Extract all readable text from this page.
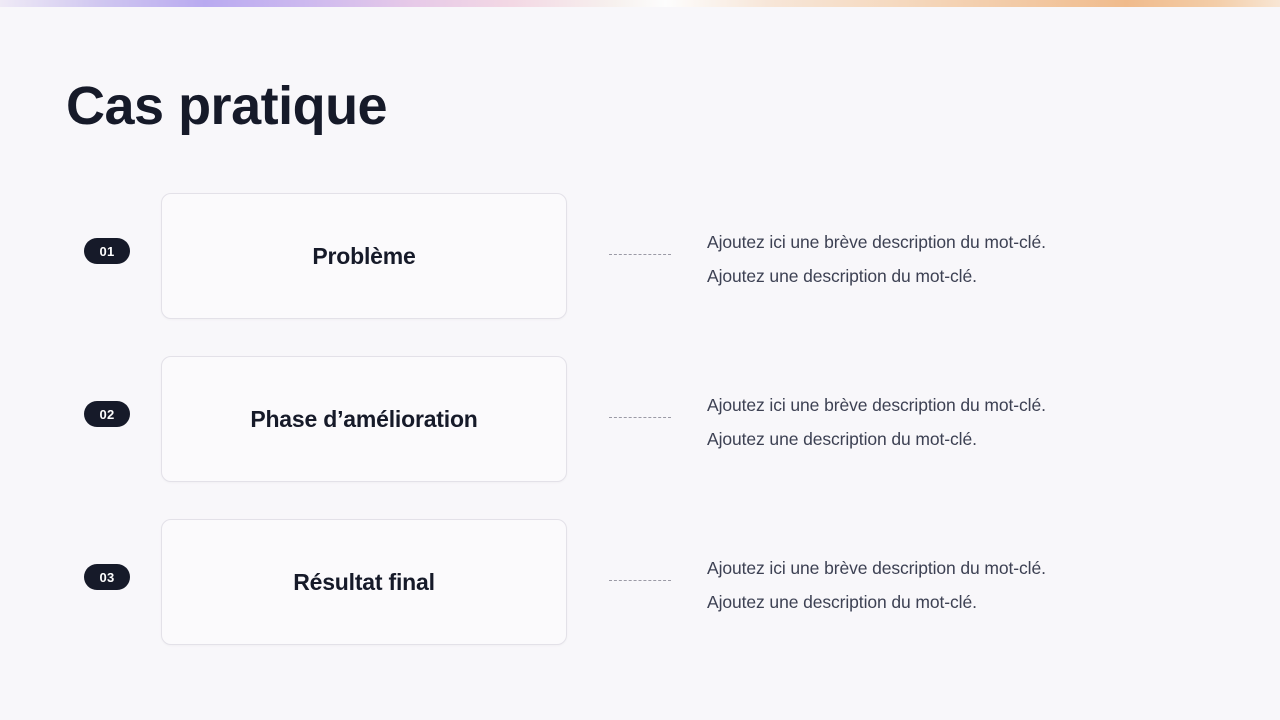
Cas pratique
01	Problème
Ajoutez ici une brève description du mot-clé.
Ajoutez une description du mot-clé.
02	Phase d’amélioration
Ajoutez ici une brève description du mot-clé.
Ajoutez une description du mot-clé.
03	Résultat final
Ajoutez ici une brève description du mot-clé.
Ajoutez une description du mot-clé.
